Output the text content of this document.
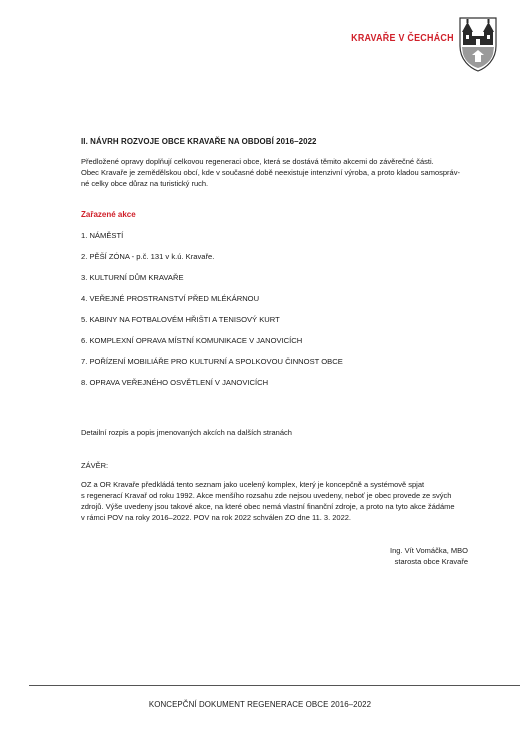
KRAVAŘE V ČECHÁCH
II. NÁVRH ROZVOJE OBCE KRAVAŘE NA OBDOBÍ 2016–2022

Předložené opravy doplňují celkovou regeneraci obce, která se dostává těmito akcemi do závěrečné části.

Obec Kravaře je zemědělskou obcí, kde v současné době neexistuje intenzivní výroba, a proto kladou samospráv-

né celky obce důraz na turistický ruch.

Zařazené akce
1. NÁMĚSTÍ
2. PĚŠÍ ZÓNA - p.č. 131 v k.ú. Kravaře.
3. KULTURNÍ DŮM KRAVAŘE
4. VEŘEJNÉ PROSTRANSTVÍ PŘED MLÉKÁRNOU
5. KABINY NA FOTBALOVÉM HŘIŠTI A TENISOVÝ KURT
6. KOMPLEXNÍ OPRAVA MÍSTNÍ KOMUNIKACE V JANOVICÍCH
7. POŘÍZENÍ MOBILIÁŘE PRO KULTURNÍ A SPOLKOVOU ČINNOST OBCE
8. OPRAVA VEŘEJNÉHO OSVĚTLENÍ V JANOVICÍCH
Detailní rozpis a popis jmenovaných akcích na dalších stranách
ZÁVĚR:

OZ a OR Kravaře předkládá tento seznam jako ucelený komplex, který je koncepčně a systémově spjat

s regenerací Kravař od roku 1992. Akce menšího rozsahu zde nejsou uvedeny, neboť je obec provede ze svých

zdrojů. Výše uvedeny jsou takové akce, na které obec nemá vlastní finanční zdroje, a proto na tyto akce žádáme

v rámci POV na roky 2016–2022. POV na rok 2022 schválen ZO dne 11. 3. 2022.

Ing. Vít Vomáčka, MBO
starosta obce Kravaře
KONCEPČNÍ DOKUMENT REGENERACE OBCE 2016–2022
